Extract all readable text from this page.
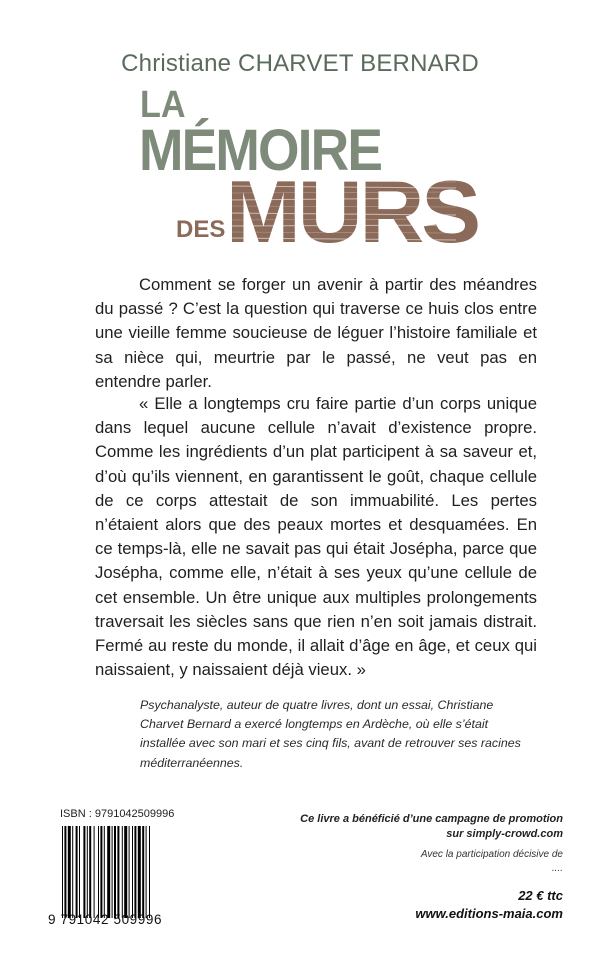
Christiane CHARVET BERNARD
LA
MÉMOIRE
DES MURS

Comment se forger un avenir à partir des méandres du passé ? C’est la question qui traverse ce huis clos entre une vieille femme soucieuse de léguer l’histoire familiale et sa nièce qui, meurtrie par le passé, ne veut pas en entendre parler.

« Elle a longtemps cru faire partie d’un corps unique dans lequel aucune cellule n’avait d’existence propre. Comme les ingrédients d’un plat participent à sa saveur et, d’où qu’ils viennent, en garantissent le goût, chaque cellule de ce corps attestait de son immuabilité. Les pertes n’étaient alors que des peaux mortes et desquamées. En ce temps-là, elle ne savait pas qui était Josépha, parce que Josépha, comme elle, n’était à ses yeux qu’une cellule de cet ensemble. Un être unique aux multiples prolongements traversait les siècles sans que rien n’en soit jamais distrait. Fermé au reste du monde, il allait d’âge en âge, et ceux qui naissaient, y naissaient déjà vieux. »

Psychanalyste, auteur de quatre livres, dont un essai, Christiane Charvet Bernard a exercé longtemps en Ardèche, où elle s’était installée avec son mari et ses cinq fils, avant de retrouver ses racines méditerranéennes.

ISBN : 9791042509996
9 791042 509996
Ce livre a bénéficié d’une campagne de promotion
sur simply-crowd.com
Avec la participation décisive de
....
22 € ttc
www.editions-maia.com
